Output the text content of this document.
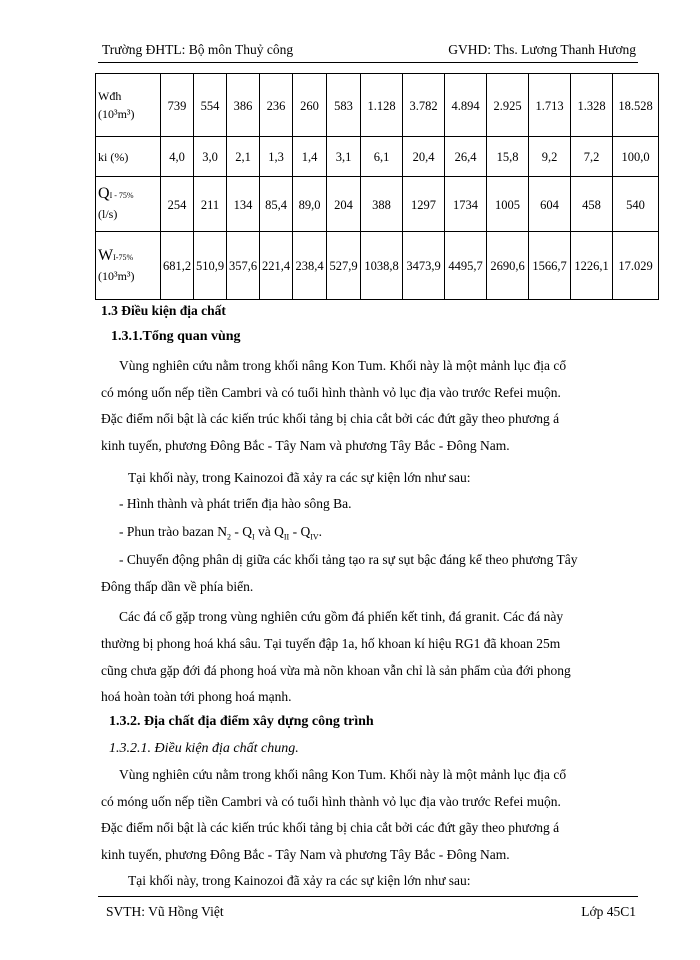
Trường ĐHTL: Bộ môn Thuỷ công	GVHD: Ths. Lương Thanh Hương
Wđh
(10³m³)	739	554	386	236	260	583	1.128	3.782	4.894	2.925	1.713	1.328	18.528
ki (%)	4,0	3,0	2,1	1,3	1,4	3,1	6,1	20,4	26,4	15,8	9,2	7,2	100,0
QI - 75%
(l/s)	254	211	134	85,4	89,0	204	388	1297	1734	1005	604	458	540
WI-75%
(10³m³)	681,2	510,9	357,6	221,4	238,4	527,9	1038,8	3473,9	4495,7	2690,6	1566,7	1226,1	17.029
1.3 Điều kiện địa chất
1.3.1.Tổng quan vùng
Vùng nghiên cứu nằm trong khối nâng Kon Tum. Khối này là một mảnh lục địa cổ
có móng uốn nếp tiền Cambri và có tuổi hình thành vỏ lục địa vào trước Refei muộn.
Đặc điểm nổi bật là các kiến trúc khối tảng bị chia cắt bởi các đứt gãy theo phương á
kinh tuyến, phương Đông Bắc - Tây Nam và phương Tây Bắc - Đông Nam.
Tại khối này, trong Kainozoi đã xảy ra các sự kiện lớn như sau:
- Hình thành và phát triển địa hào sông Ba.
- Phun trào bazan $N_2 - Q_I$ và $Q_{II} - Q_{IV}$.
- Chuyển động phân dị giữa các khối tảng tạo ra sự sụt bậc đáng kể theo phương Tây
Đông thấp dần về phía biển.
Các đá cổ gặp trong vùng nghiên cứu gồm đá phiến kết tinh, đá granit. Các đá này
thường bị phong hoá khá sâu. Tại tuyến đập 1a, hố khoan kí hiệu RG1 đã khoan 25m
cũng chưa gặp đới đá phong hoá vừa mà nõn khoan vẫn chỉ là sản phẩm của đới phong
hoá hoàn toàn tới phong hoá mạnh.
1.3.2. Địa chất địa điểm xây dựng công trình
1.3.2.1. Điều kiện địa chất chung.
Vùng nghiên cứu nằm trong khối nâng Kon Tum. Khối này là một mảnh lục địa cổ
có móng uốn nếp tiền Cambri và có tuổi hình thành vỏ lục địa vào trước Refei muộn.
Đặc điểm nổi bật là các kiến trúc khối tảng bị chia cắt bởi các đứt gãy theo phương á
kinh tuyến, phương Đông Bắc - Tây Nam và phương Tây Bắc - Đông Nam.
Tại khối này, trong Kainozoi đã xảy ra các sự kiện lớn như sau:
SVTH: Vũ Hồng Việt	Lớp 45C1
